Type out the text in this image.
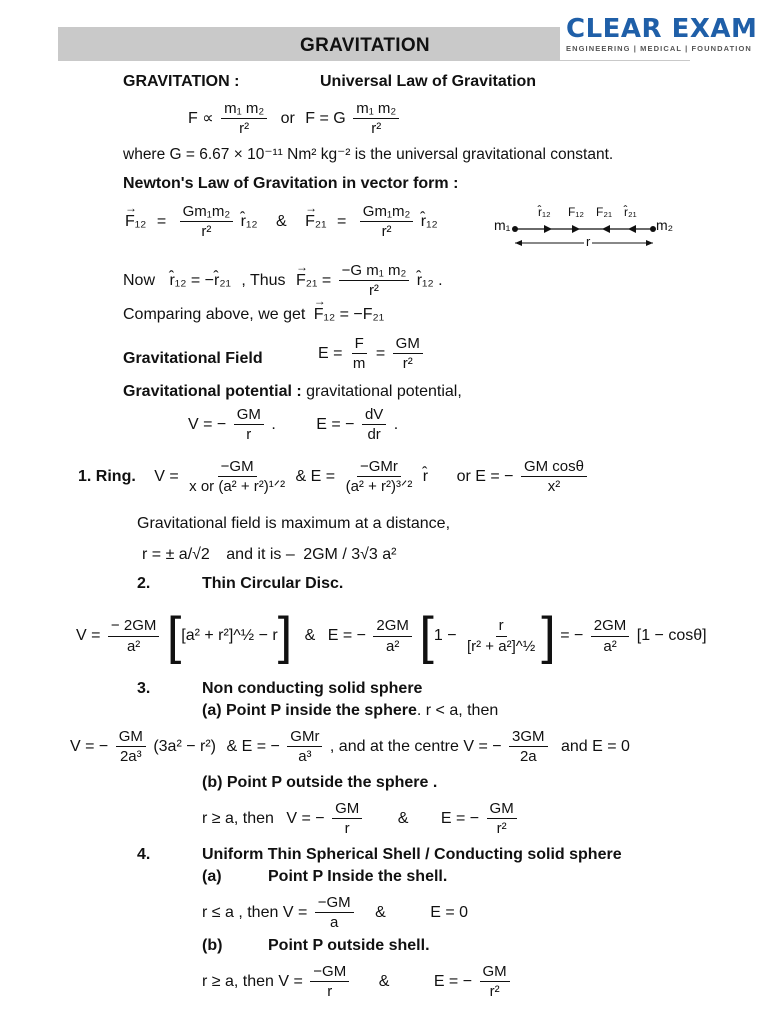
GRAVITATION
CLEAR EXAM
ENGINEERING | MEDICAL | FOUNDATION
GRAVITATION :	Universal Law of Gravitation
$F \propto \frac{\text{m₁ m₂}}{\text{r²}}$ or F = G $\frac{\text{m₁ m₂}}{\text{r²}}$
where G = 6.67 × 10⁻¹¹ Nm² kg⁻² is the universal gravitational constant.
Newton's Law of Gravitation in vector form :
→ $F_{12} = \frac{\text{Gm₁m₂}}{\text{r²}}$ r̂₁₂ & → $F_{21} = \frac{\text{Gm₁m₂}}{\text{r²}}$ r̂₁₂	m₁
r̂₁₂ F₁₂ F₂₁ r̂₂₁
m₂
r
Now r̂₁₂ = −r̂₂₁ , Thus → $F_{21} = \frac{\text{−G m₁ m₂}}{\text{r²}}$ r̂₁₂ .
Comparing above, we get → F₁₂ = −F₂₁
Gravitational Field	$E = \frac{F}{m} = \frac{GM}{\text{r²}}$
Gravitational potential : gravitational potential,
V = − $\frac{GM}{r}$ .	E = − $\frac{dV}{dr}$ .
1. Ring. $V = \frac{-GM}{\text{x or (a² + r²)¹ᐟ²}}$ & $E = \frac{\text{−GMr}}{\text{(a² + r²)³ᐟ²}}$ r̂ or E = − $\frac{\text{GM cosθ}}{\text{x²}}$
Gravitational field is maximum at a distance,
r = ± a/√2 and it is – 2GM / 3√3 a²
2.	Thin Circular Disc.
$V = \frac{- 2GM}{\text{a²}} [[a^2$ + r²]^½ − r] & E = − $\frac{2GM}{\text{a²}} [1 - \frac{r}{\text{[r² + a²]\textasciicircum{}½}}$ ] = − $\frac{2GM}{\text{a²}} [1 - \cos\theta]$
3.	Non conducting solid sphere
(a) Point P inside the sphere. r < a, then
V = − $\frac{GM}{\text{2a³}} (3a^2 - r^2)$ & E = − $\frac{\text{GMr}}{\text{a³}}$ , and at the centre V = − $\frac{3GM}{2a}$ and E = 0
(b) Point P outside the sphere .
r ≥ a, then V = − $\frac{GM}{r}$ & E = − $\frac{GM}{\text{r²}}$
4.	Uniform Thin Spherical Shell / Conducting solid sphere
(a)	Point P Inside the shell.
r ≤ a , then $V = \frac{-GM}{a}$ &	E = 0
(b)	Point P outside shell.
r ≥ a, then $V = \frac{-GM}{r}$ &	E = − $\frac{GM}{\text{r²}}$
